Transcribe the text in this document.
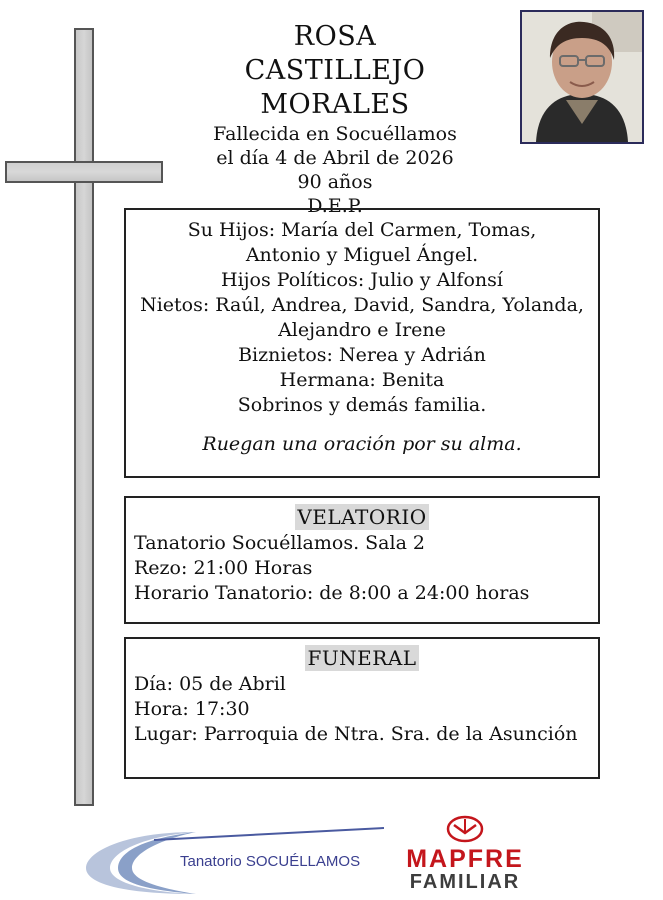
ROSA
CASTILLEJO MORALES
Fallecida en Socuéllamos
el día 4 de Abril de 2026
90 años
D.E.P.
Su Hijos: María del Carmen, Tomas,
Antonio y Miguel Ángel.
Hijos Políticos: Julio y Alfonsí
Nietos: Raúl, Andrea, David, Sandra, Yolanda,
Alejandro e Irene
Biznietos: Nerea y Adrián
Hermana: Benita
Sobrinos y demás familia.
Ruegan una oración por su alma.
VELATORIO
Tanatorio Socuéllamos. Sala 2
Rezo: 21:00 Horas
Horario Tanatorio: de 8:00 a 24:00 horas
FUNERAL
Día: 05 de Abril
Hora: 17:30
Lugar: Parroquia de Ntra. Sra. de la Asunción
Tanatorio SOCUÉLLAMOS	MAPFRE
FAMILIAR
